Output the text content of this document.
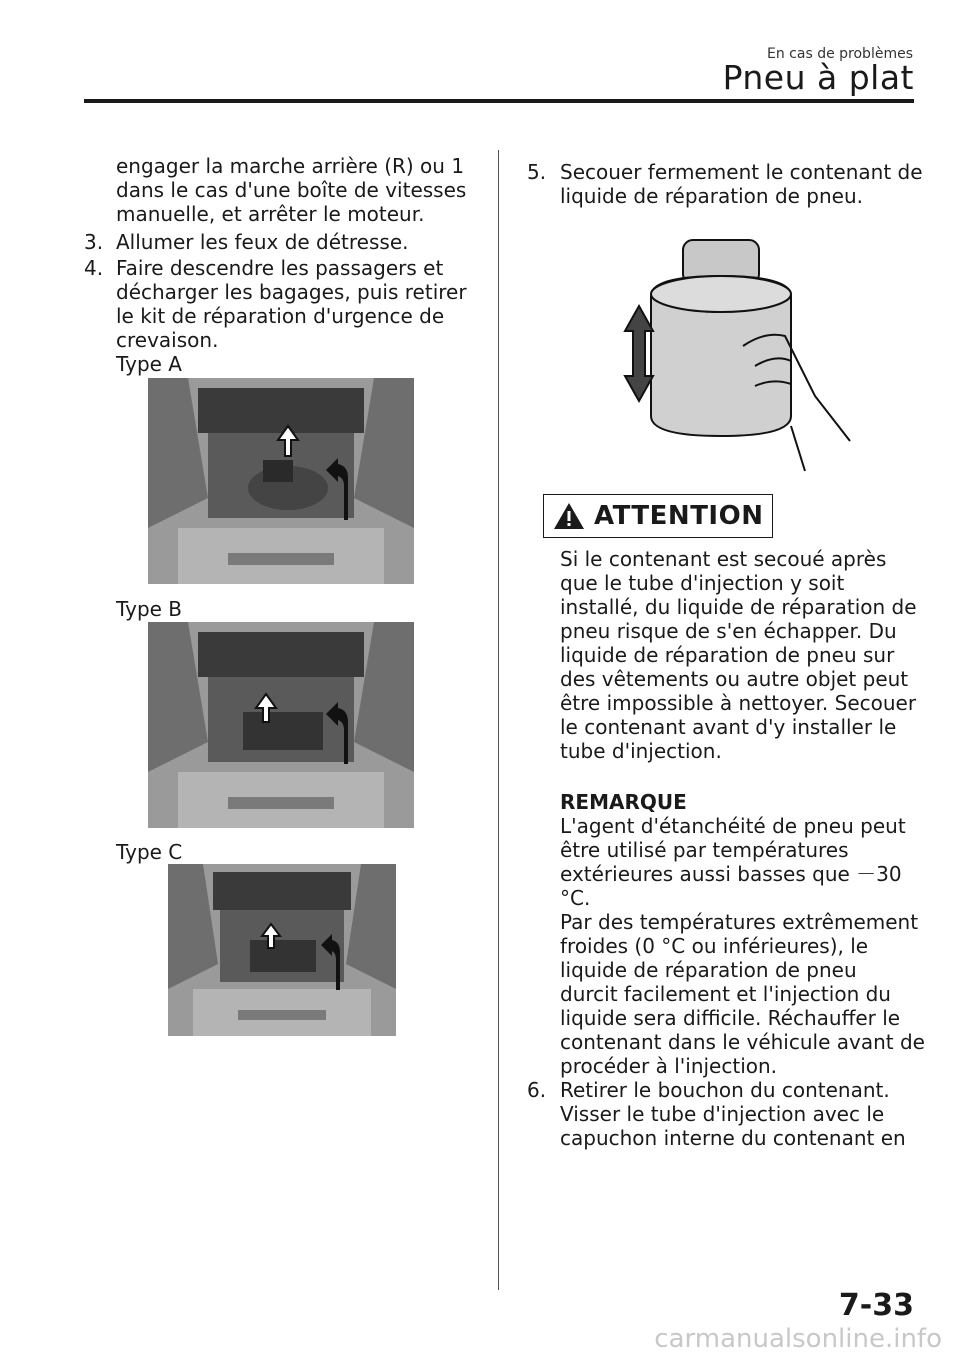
En cas de problèmes
Pneu à plat
engager la marche arrière (R) ou 1
dans le cas d'une boîte de vitesses
manuelle, et arrêter le moteur.
3. Allumer les feux de détresse.
4. Faire descendre les passagers et
décharger les bagages, puis retirer
le kit de réparation d'urgence de
crevaison.
Type A
Type B
Type C
5. Secouer fermement le contenant de
liquide de réparation de pneu.
ATTENTION
Si le contenant est secoué après
que le tube d'injection y soit
installé, du liquide de réparation de
pneu risque de s'en échapper. Du
liquide de réparation de pneu sur
des vêtements ou autre objet peut
être impossible à nettoyer. Secouer
le contenant avant d'y installer le
tube d'injection.
REMARQUE
L'agent d'étanchéité de pneu peut
être utilisé par températures
extérieures aussi basses que －30
°C.
Par des températures extrêmement
froides (0 °C ou inférieures), le
liquide de réparation de pneu
durcit facilement et l'injection du
liquide sera difficile. Réchauffer le
contenant dans le véhicule avant de
procéder à l'injection.
6. Retirer le bouchon du contenant.
Visser le tube d'injection avec le
capuchon interne du contenant en
7-33
carmanualsonline.info
